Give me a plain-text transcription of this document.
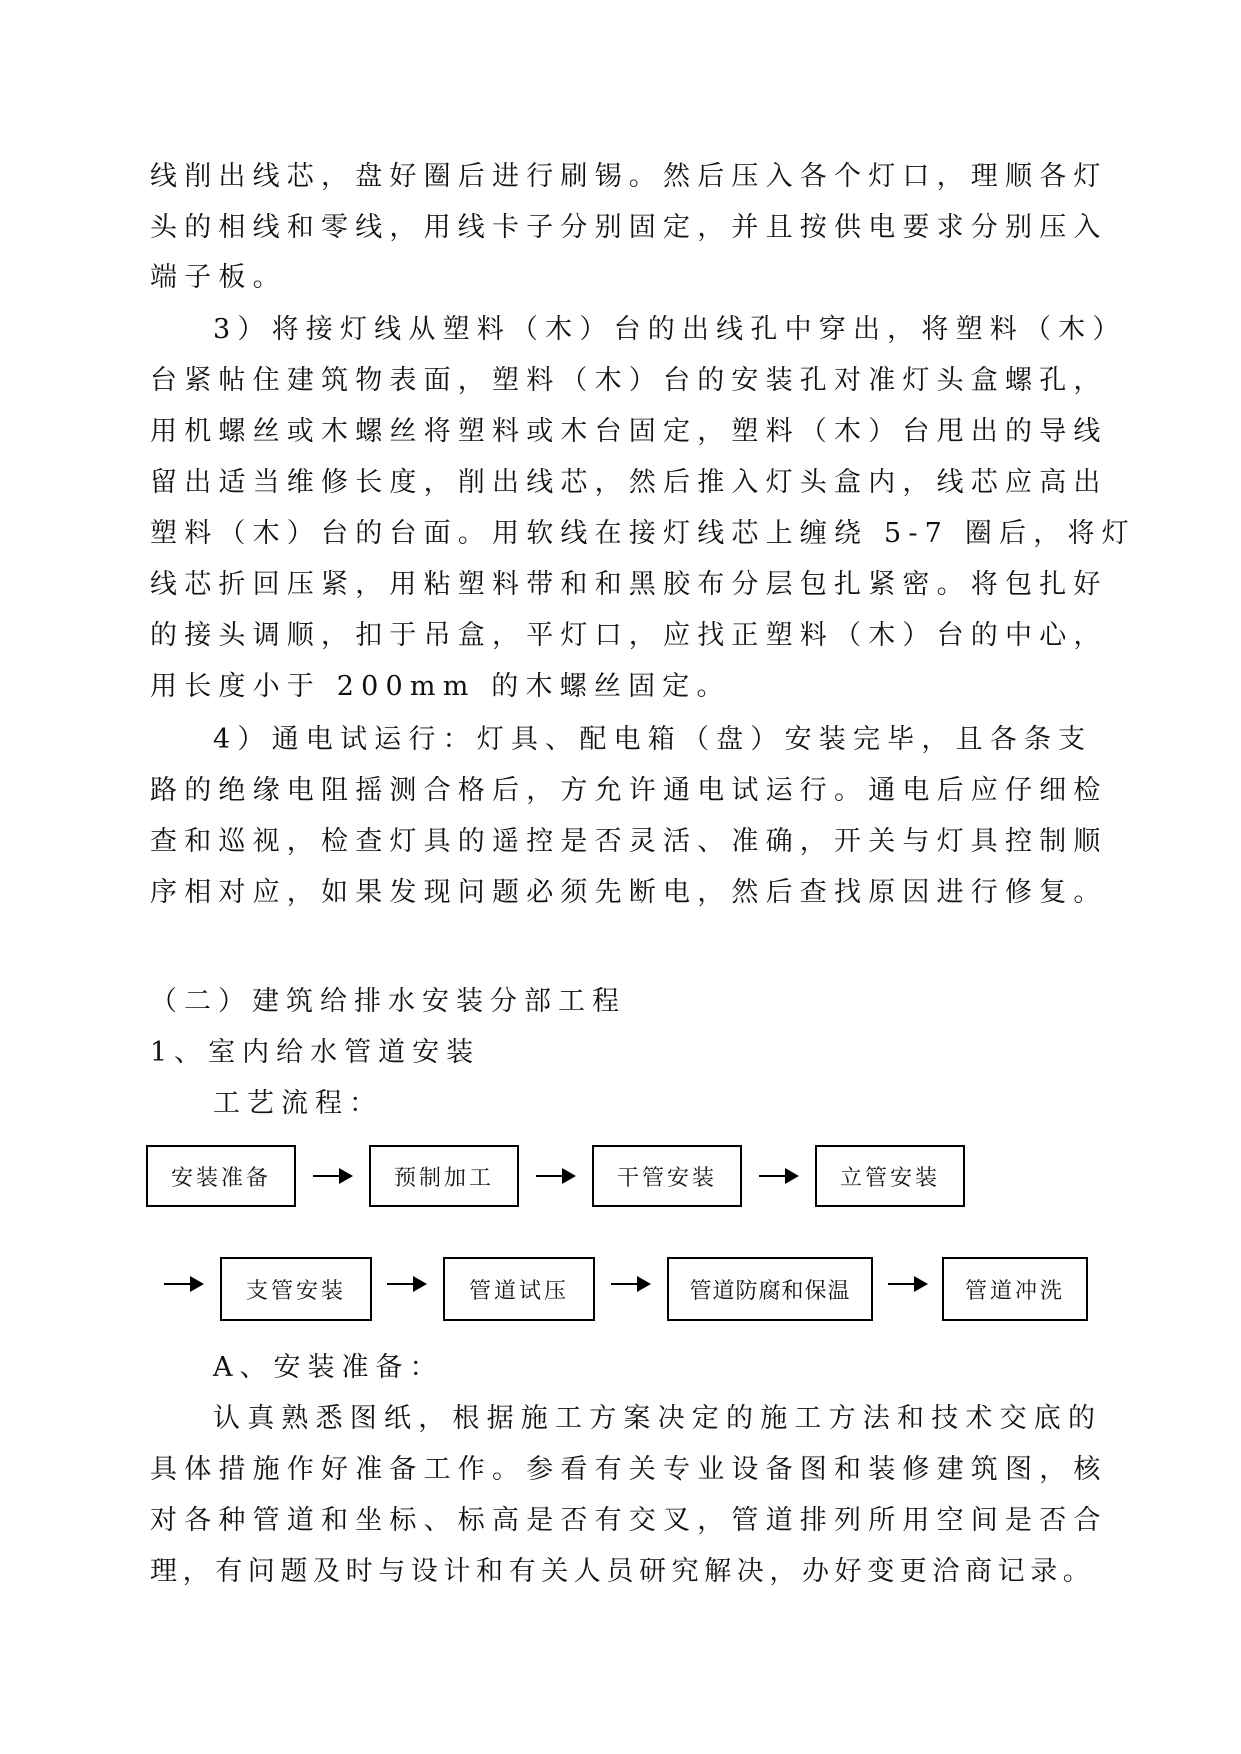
线削出线芯，盘好圈后进行刷锡。然后压入各个灯口，理顺各灯
头的相线和零线，用线卡子分别固定，并且按供电要求分别压入
端子板。
3）将接灯线从塑料（木）台的出线孔中穿出，将塑料（木）
台紧帖住建筑物表面，塑料（木）台的安装孔对准灯头盒螺孔，
用机螺丝或木螺丝将塑料或木台固定，塑料（木）台甩出的导线
留出适当维修长度，削出线芯，然后推入灯头盒内，线芯应高出
塑料（木）台的台面。用软线在接灯线芯上缠绕 5-7 圈后，将灯
线芯折回压紧，用粘塑料带和和黑胶布分层包扎紧密。将包扎好
的接头调顺，扣于吊盒，平灯口，应找正塑料（木）台的中心，
用长度小于 200mm 的木螺丝固定。
4）通电试运行：灯具、配电箱（盘）安装完毕，且各条支
路的绝缘电阻摇测合格后，方允许通电试运行。通电后应仔细检
查和巡视，检查灯具的遥控是否灵活、准确，开关与灯具控制顺
序相对应，如果发现问题必须先断电，然后查找原因进行修复。
（二）建筑给排水安装分部工程
1、室内给水管道安装
工艺流程：
安装准备	预制加工	干管安装	立管安装
支管安装	管道试压	管道防腐和保温	管道冲洗
A、安装准备：
认真熟悉图纸，根据施工方案决定的施工方法和技术交底的
具体措施作好准备工作。参看有关专业设备图和装修建筑图，核
对各种管道和坐标、标高是否有交叉，管道排列所用空间是否合
理，有问题及时与设计和有关人员研究解决，办好变更洽商记录。
